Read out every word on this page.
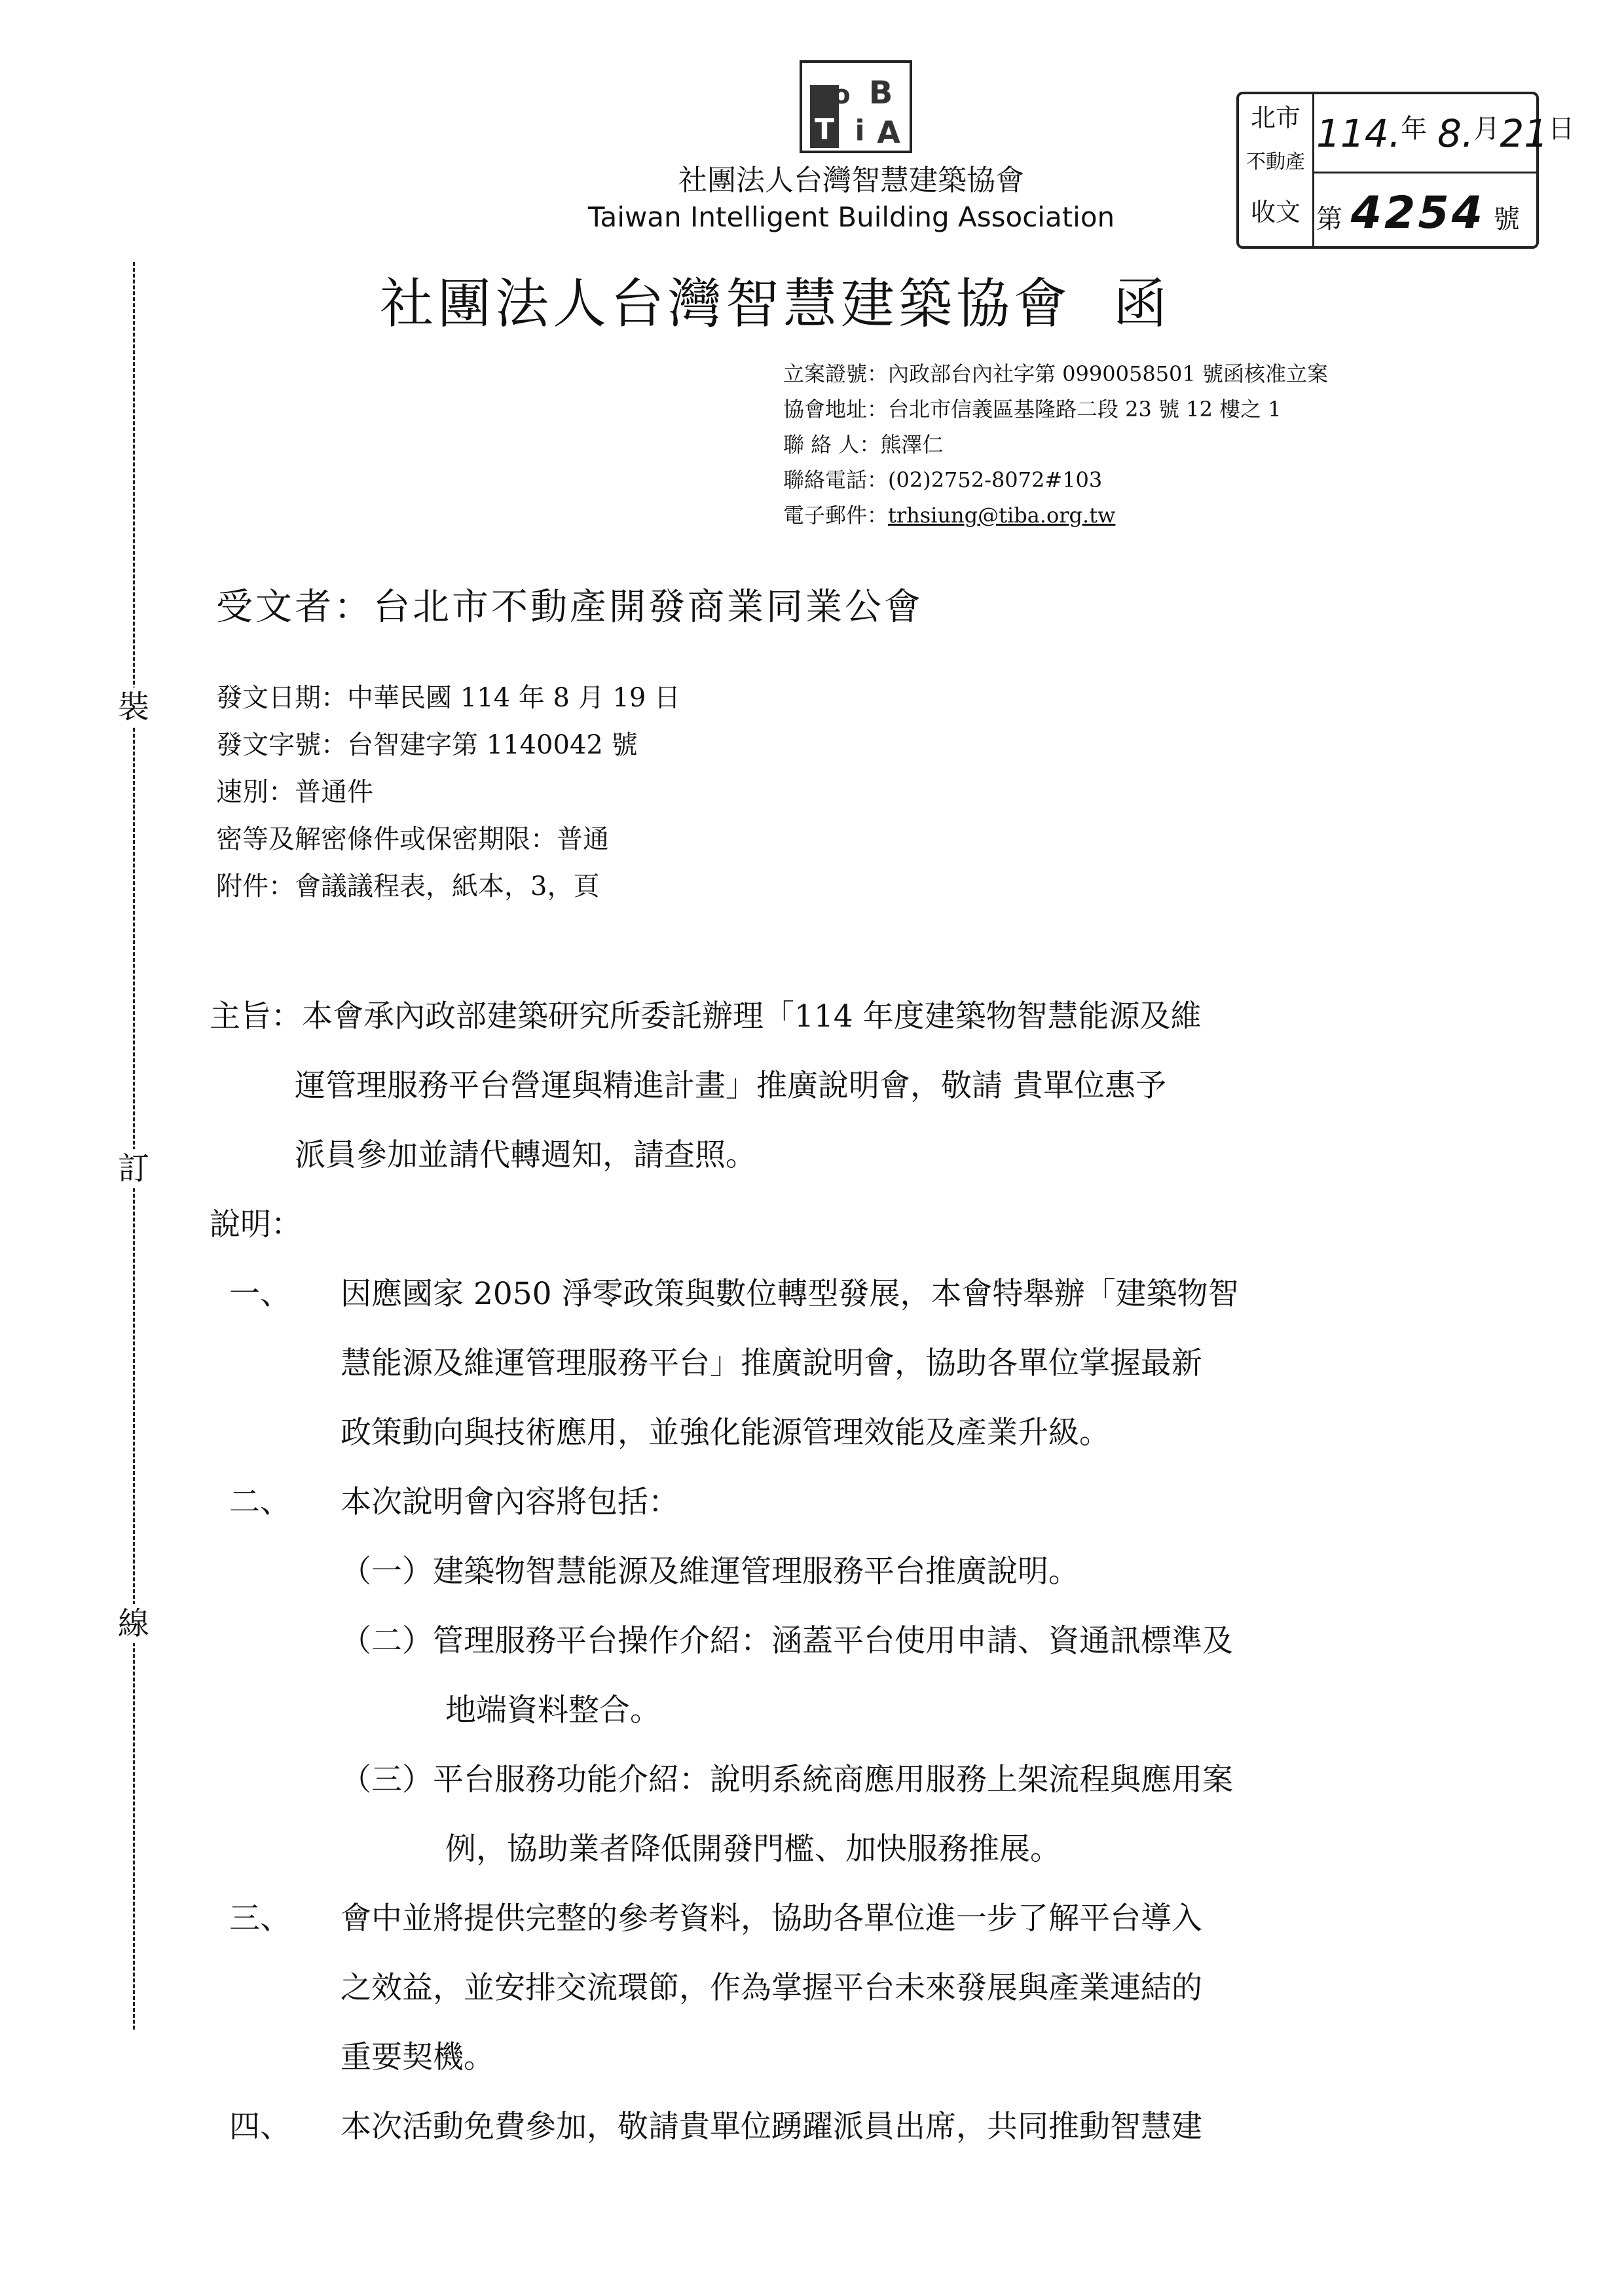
裝
訂
線
T
o B
i A
社團法人台灣智慧建築協會
Taiwan Intelligent Building Association
北市
不動產
收文
114.$^年$ $8.^月21^日$
第 4254 號
社團法人台灣智慧建築協會  函
立案證號：內政部台內社字第 0990058501 號函核准立案
協會地址：台北市信義區基隆路二段 23 號 12 樓之 1
聯 絡 人：熊澤仁
聯絡電話：(02)2752-8072#103
電子郵件：trhsiung@tiba.org.tw
受文者：台北市不動產開發商業同業公會
發文日期：中華民國 114 年 8 月 19 日
發文字號：台智建字第 1140042 號
速別：普通件
密等及解密條件或保密期限：普通
附件：會議議程表，紙本，3，頁
主旨：本會承內政部建築研究所委託辦理「114 年度建築物智慧能源及維
運管理服務平台營運與精進計畫」推廣說明會，敬請 貴單位惠予
派員參加並請代轉週知，請查照。
說明：
一、 因應國家 2050 淨零政策與數位轉型發展，本會特舉辦「建築物智
慧能源及維運管理服務平台」推廣說明會，協助各單位掌握最新
政策動向與技術應用，並強化能源管理效能及產業升級。
二、 本次說明會內容將包括：
（一）建築物智慧能源及維運管理服務平台推廣說明。
（二）管理服務平台操作介紹：涵蓋平台使用申請、資通訊標準及
地端資料整合。
（三）平台服務功能介紹：說明系統商應用服務上架流程與應用案
例，協助業者降低開發門檻、加快服務推展。
三、 會中並將提供完整的參考資料，協助各單位進一步了解平台導入
之效益，並安排交流環節，作為掌握平台未來發展與產業連結的
重要契機。
四、 本次活動免費參加，敬請貴單位踴躍派員出席，共同推動智慧建
